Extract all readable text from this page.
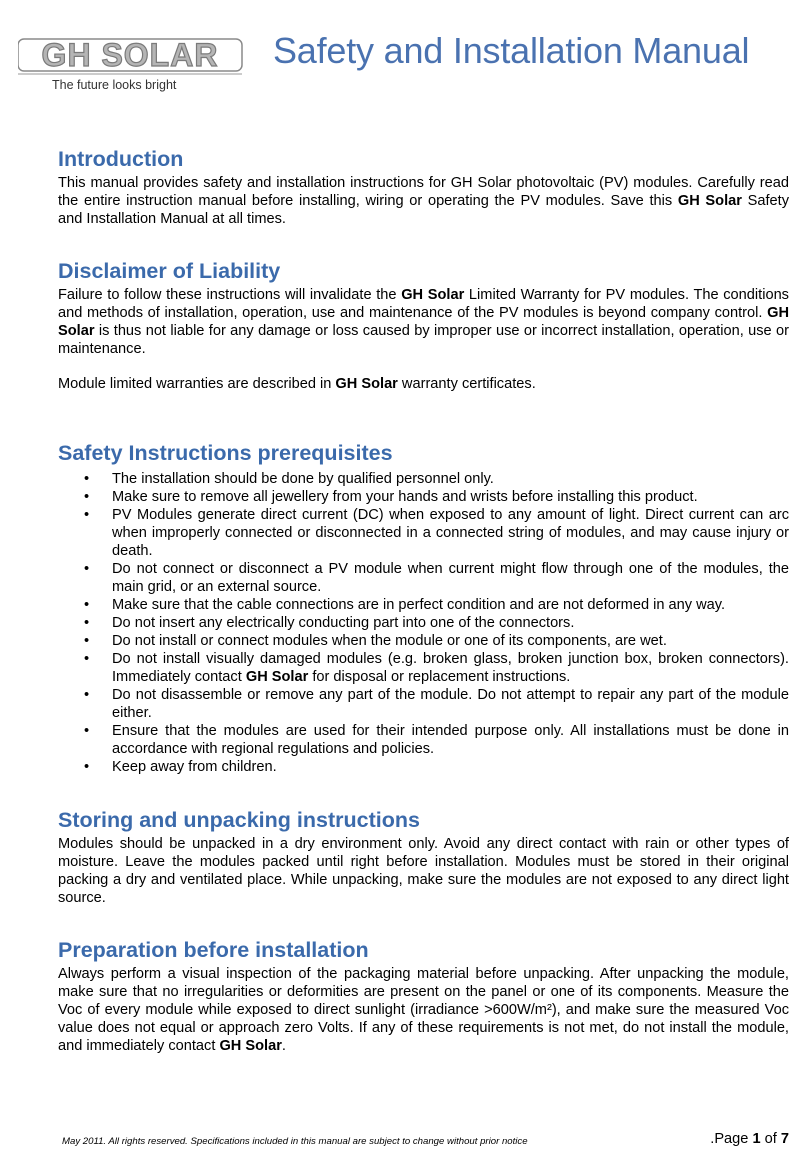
GH SOLAR
The future looks bright
Safety and Installation Manual
Introduction

This manual provides safety and installation instructions for GH Solar photovoltaic (PV) modules. Carefully read the entire instruction manual before installing, wiring or operating the PV modules. Save this GH Solar Safety and Installation Manual at all times.

Disclaimer of Liability

Failure to follow these instructions will invalidate the GH Solar Limited Warranty for PV modules. The conditions and methods of installation, operation, use and maintenance of the PV modules is beyond company control. GH Solar is thus not liable for any damage or loss caused by improper use or incorrect installation, operation, use or maintenance.

Module limited warranties are described in GH Solar warranty certificates.

Safety Instructions prerequisites
• The installation should be done by qualified personnel only.
• Make sure to remove all jewellery from your hands and wrists before installing this product.
• PV Modules generate direct current (DC) when exposed to any amount of light. Direct current can arc when improperly connected or disconnected in a connected string of modules, and may cause injury or death.
• Do not connect or disconnect a PV module when current might flow through one of the modules, the main grid, or an external source.
• Make sure that the cable connections are in perfect condition and are not deformed in any way.
• Do not insert any electrically conducting part into one of the connectors.
• Do not install or connect modules when the module or one of its components, are wet.
• Do not install visually damaged modules (e.g. broken glass, broken junction box, broken connectors). Immediately contact GH Solar for disposal or replacement instructions.
• Do not disassemble or remove any part of the module. Do not attempt to repair any part of the module either.
• Ensure that the modules are used for their intended purpose only. All installations must be done in accordance with regional regulations and policies.
• Keep away from children.
Storing and unpacking instructions

Modules should be unpacked in a dry environment only. Avoid any direct contact with rain or other types of moisture. Leave the modules packed until right before installation. Modules must be stored in their original packing a dry and ventilated place. While unpacking, make sure the modules are not exposed to any direct light source.

Preparation before installation

Always perform a visual inspection of the packaging material before unpacking. After unpacking the module, make sure that no irregularities or deformities are present on the panel or one of its components. Measure the Voc of every module while exposed to direct sunlight (irradiance >600W/m²), and make sure the measured Voc value does not equal or approach zero Volts. If any of these requirements is not met, do not install the module, and immediately contact GH Solar.

May 2011. All rights reserved. Specifications included in this manual are subject to change without prior notice	.Page 1 of 7
